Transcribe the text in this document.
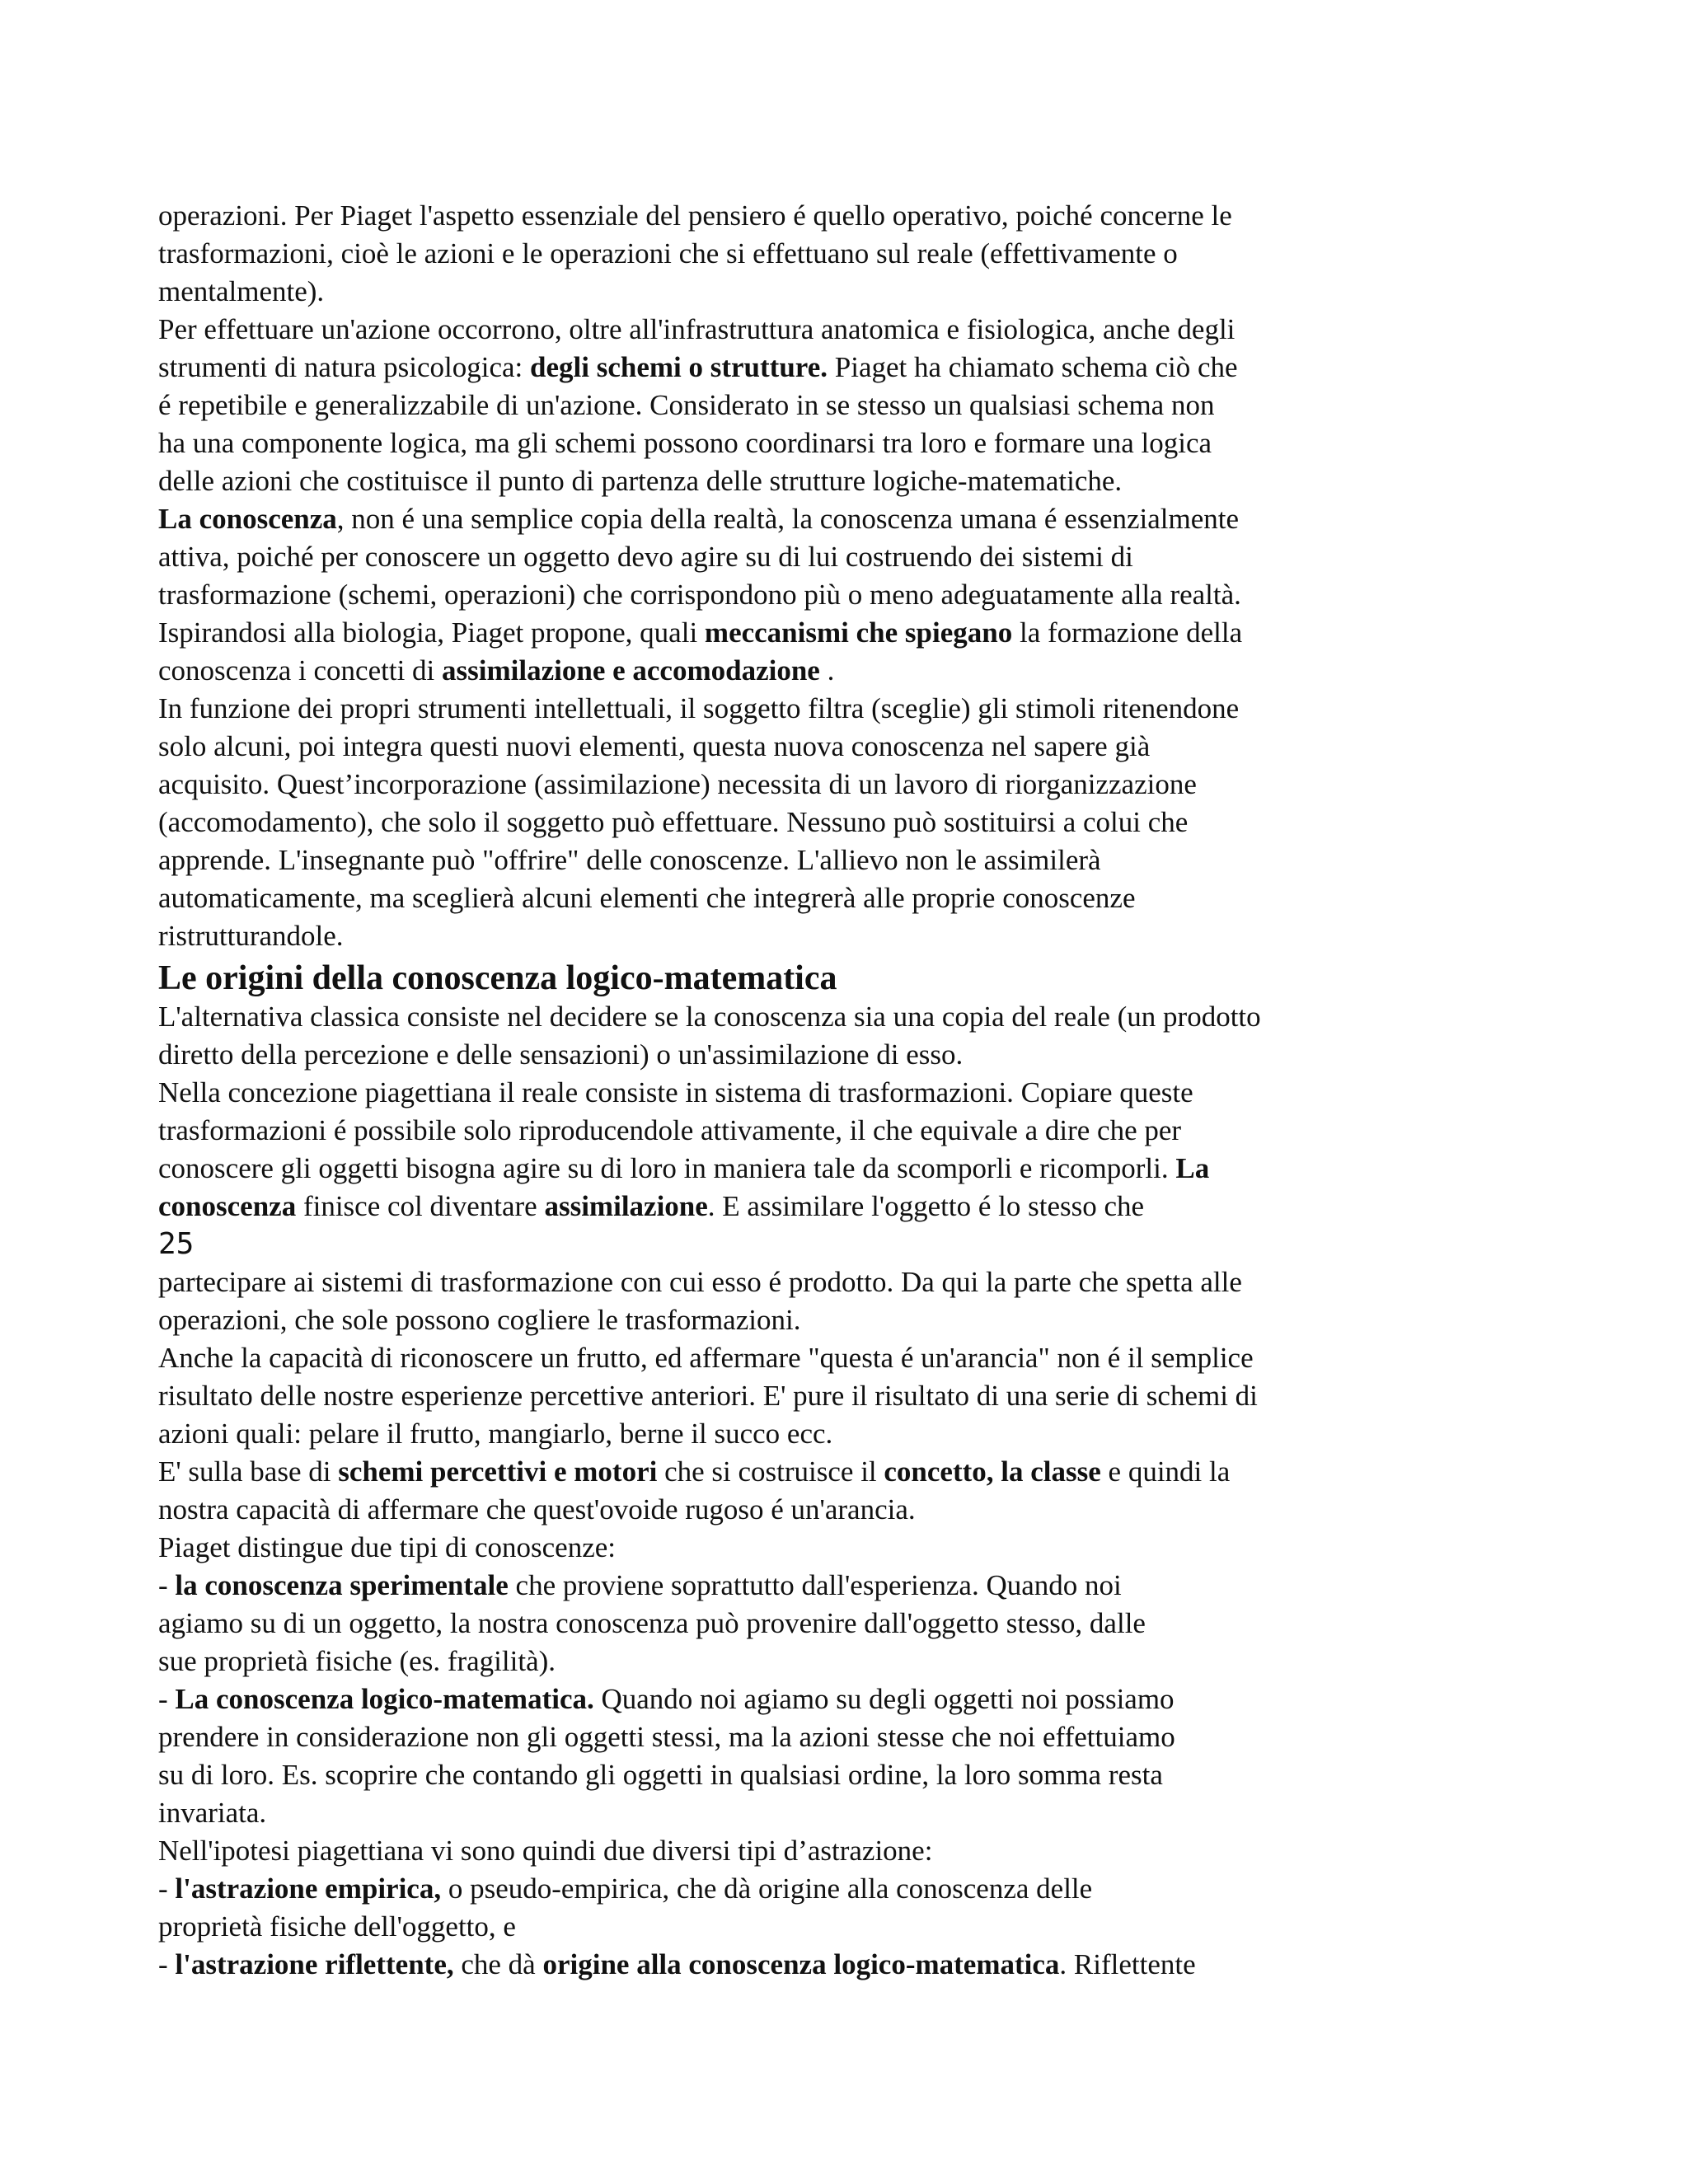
operazioni. Per Piaget l'aspetto essenziale del pensiero é quello operativo, poiché concerne le
trasformazioni, cioè le azioni e le operazioni che si effettuano sul reale (effettivamente o
mentalmente).
Per effettuare un'azione occorrono, oltre all'infrastruttura anatomica e fisiologica, anche degli
strumenti di natura psicologica: degli schemi o strutture. Piaget ha chiamato schema ciò che
é repetibile e generalizzabile di un'azione. Considerato in se stesso un qualsiasi schema non
ha una componente logica, ma gli schemi possono coordinarsi tra loro e formare una logica
delle azioni che costituisce il punto di partenza delle strutture logiche-matematiche.
La conoscenza, non é una semplice copia della realtà, la conoscenza umana é essenzialmente
attiva, poiché per conoscere un oggetto devo agire su di lui costruendo dei sistemi di
trasformazione (schemi, operazioni) che corrispondono più o meno adeguatamente alla realtà.
Ispirandosi alla biologia, Piaget propone, quali meccanismi che spiegano la formazione della
conoscenza i concetti di assimilazione e accomodazione .
In funzione dei propri strumenti intellettuali, il soggetto filtra (sceglie) gli stimoli ritenendone
solo alcuni, poi integra questi nuovi elementi, questa nuova conoscenza nel sapere già
acquisito. Quest’incorporazione (assimilazione) necessita di un lavoro di riorganizzazione
(accomodamento), che solo il soggetto può effettuare. Nessuno può sostituirsi a colui che
apprende. L'insegnante può "offrire" delle conoscenze. L'allievo non le assimilerà
automaticamente, ma sceglierà alcuni elementi che integrerà alle proprie conoscenze
ristrutturandole.
Le origini della conoscenza logico-matematica
L'alternativa classica consiste nel decidere se la conoscenza sia una copia del reale (un prodotto
diretto della percezione e delle sensazioni) o un'assimilazione di esso.
Nella concezione piagettiana il reale consiste in sistema di trasformazioni. Copiare queste
trasformazioni é possibile solo riproducendole attivamente, il che equivale a dire che per
conoscere gli oggetti bisogna agire su di loro in maniera tale da scomporli e ricomporli. La
conoscenza finisce col diventare assimilazione. E assimilare l'oggetto é lo stesso che
25
partecipare ai sistemi di trasformazione con cui esso é prodotto. Da qui la parte che spetta alle
operazioni, che sole possono cogliere le trasformazioni.
Anche la capacità di riconoscere un frutto, ed affermare "questa é un'arancia" non é il semplice
risultato delle nostre esperienze percettive anteriori. E' pure il risultato di una serie di schemi di
azioni quali: pelare il frutto, mangiarlo, berne il succo ecc.
E' sulla base di schemi percettivi e motori che si costruisce il concetto, la classe e quindi la
nostra capacità di affermare che quest'ovoide rugoso é un'arancia.
Piaget distingue due tipi di conoscenze:
- la conoscenza sperimentale che proviene soprattutto dall'esperienza. Quando noi
agiamo su di un oggetto, la nostra conoscenza può provenire dall'oggetto stesso, dalle
sue proprietà fisiche (es. fragilità).
- La conoscenza logico-matematica. Quando noi agiamo su degli oggetti noi possiamo
prendere in considerazione non gli oggetti stessi, ma la azioni stesse che noi effettuiamo
su di loro. Es. scoprire che contando gli oggetti in qualsiasi ordine, la loro somma resta
invariata.
Nell'ipotesi piagettiana vi sono quindi due diversi tipi d’astrazione:
- l'astrazione empirica, o pseudo-empirica, che dà origine alla conoscenza delle
proprietà fisiche dell'oggetto, e
- l'astrazione riflettente, che dà origine alla conoscenza logico-matematica. Riflettente
